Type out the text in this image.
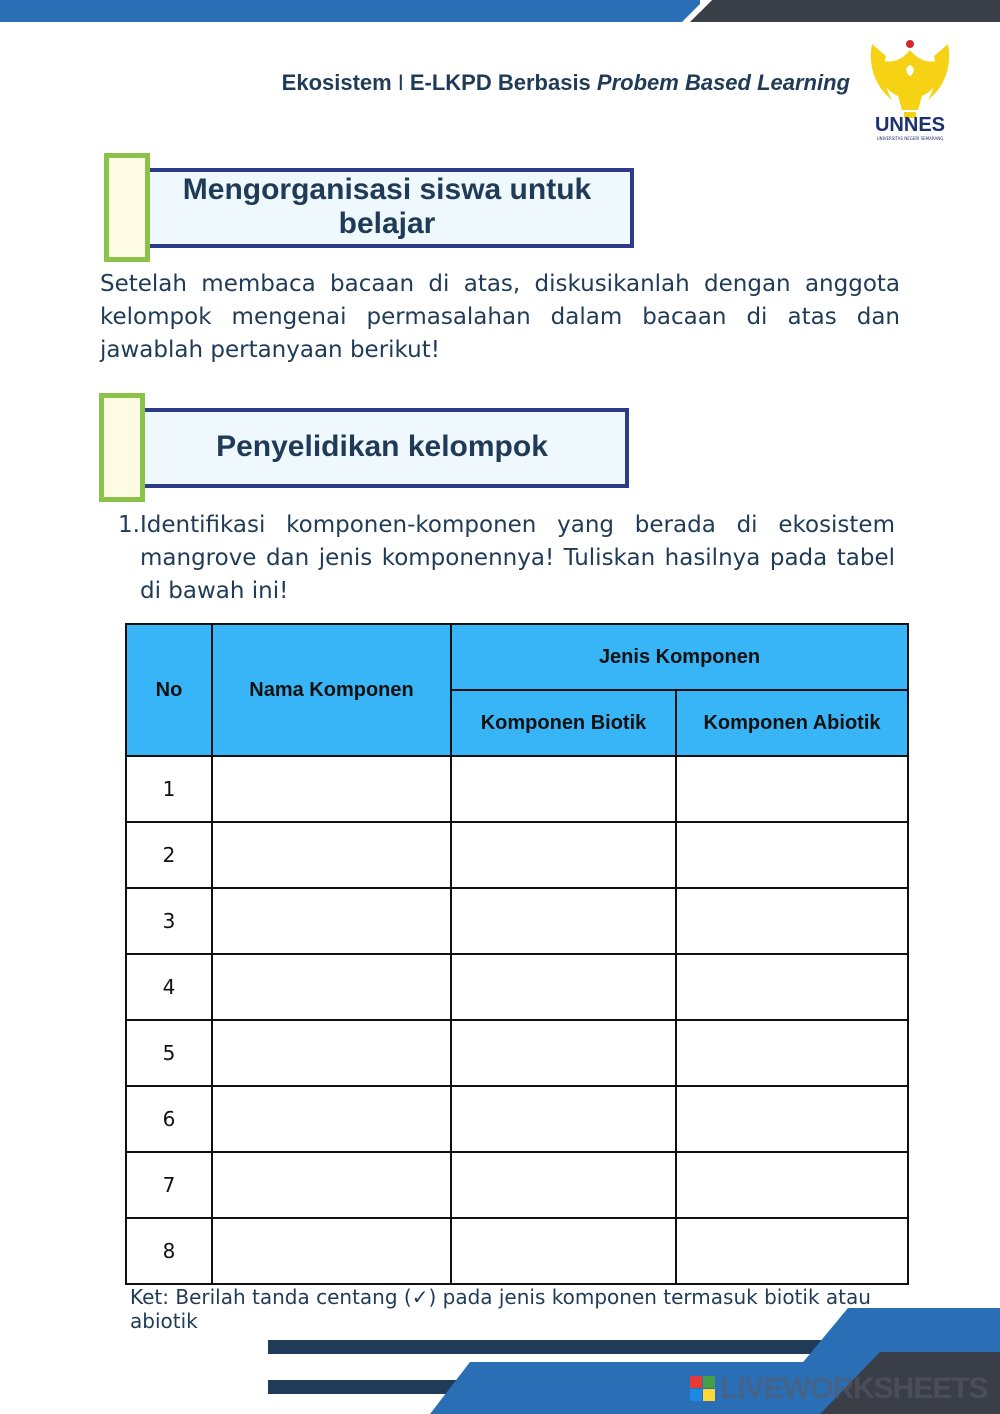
Ekosistem I E-LKPD Berbasis Probem Based Learning
UNNES
UNIVERSITAS NEGERI SEMARANG
Mengorganisasi siswa untuk belajar
Setelah membaca bacaan di atas, diskusikanlah dengan anggota kelompok mengenai permasalahan dalam bacaan di atas dan jawablah pertanyaan berikut!
Penyelidikan kelompok
1. Identifikasi komponen-komponen yang berada di ekosistem mangrove dan jenis komponennya! Tuliskan hasilnya pada tabel di bawah ini!
No	Nama Komponen	Jenis Komponen	
		Komponen Biotik	Komponen Abiotik
1			
2			
3			
4			
5			
6			
7			
8			
Ket: Berilah tanda centang (✓) pada jenis komponen termasuk biotik atau abiotik
LIVEWORKSHEETS
